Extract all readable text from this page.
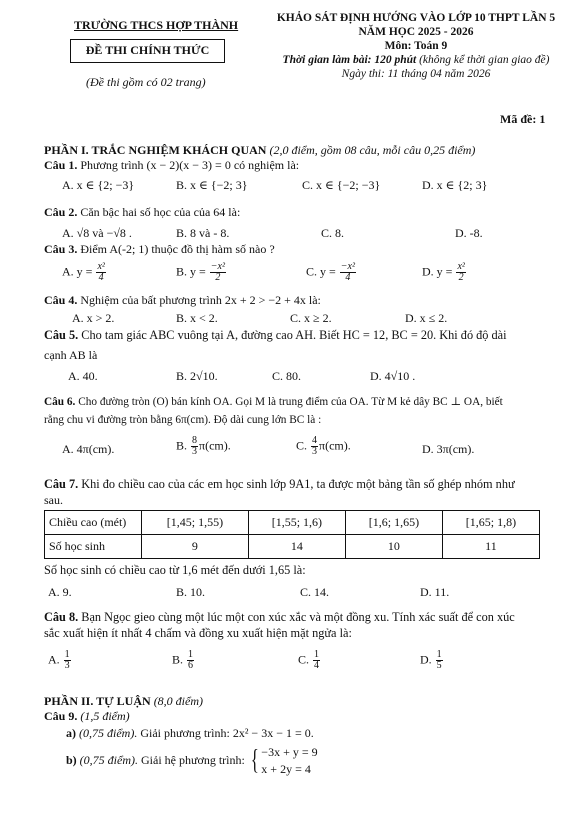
TRƯỜNG THCS HỢP THÀNH
ĐỀ THI CHÍNH THỨC
(Đề thi gồm có 02 trang)
KHẢO SÁT ĐỊNH HƯỚNG VÀO LỚP 10 THPT LẦN 5
NĂM HỌC 2025 - 2026
Môn: Toán 9
Thời gian làm bài: 120 phút (không kể thời gian giao đề)
Ngày thi: 11 tháng 04 năm 2026
Mã đề: 1
PHẦN I. TRẮC NGHIỆM KHÁCH QUAN (2,0 điểm, gồm 08 câu, mỗi câu 0,25 điểm)
Câu 1. Phương trình (x − 2)(x − 3) = 0 có nghiệm là:
A. x ∈ {2; −3}	B. x ∈ {−2; 3}	C. x ∈ {−2; −3}	D. x ∈ {2; 3}
Câu 2. Căn bậc hai số học của của 64 là:
A. √8 và −√8 .	B. 8 và - 8.	C. 8.	D. -8.
Câu 3. Điểm A(-2; 1) thuộc đồ thị hàm số nào ?
A. $y = \frac{\text{x²}}{4}$	B. $y = \frac{\text{−x²}}{2}$	C. $y = \frac{\text{−x²}}{4}$	D. $y = \frac{\text{x²}}{2}$
Câu 4. Nghiệm của bất phương trình 2x + 2 > −2 + 4x là:
A. x > 2.	B. x < 2.	C. x ≥ 2.	D. x ≤ 2.
Câu 5. Cho tam giác ABC vuông tại A, đường cao AH. Biết HC = 12, BC = 20. Khi đó độ dài
cạnh AB là
A. 40.	B. 2√10.	C. 80.	D. 4√10 .
Câu 6. Cho đường tròn (O) bán kính OA. Gọi M là trung điểm của OA. Từ M kẻ dây BC ⊥ OA, biết
rằng chu vi đường tròn bằng 6π(cm). Độ dài cung lớn BC là :
A. 4π(cm).	B. $\frac{8}{3} \pi(cm)$.	C. $\frac{4}{3} \pi(cm)$.	D. 3π(cm).
Câu 7. Khi đo chiều cao của các em học sinh lớp 9A1, ta được một bảng tần số ghép nhóm như
sau.
Chiều cao (mét)	[1,45; 1,55)	[1,55; 1,6)	[1,6; 1,65)	[1,65; 1,8)
Số học sinh	9	14	10	11
Số học sinh có chiều cao từ 1,6 mét đến dưới 1,65 là:
A. 9.	B. 10.	C. 14.	D. 11.
Câu 8. Bạn Ngọc gieo cùng một lúc một con xúc xắc và một đồng xu. Tính xác suất để con xúc
sắc xuất hiện ít nhất 4 chấm và đồng xu xuất hiện mặt ngửa là:
A. $\frac{1}{3}$	B. $\frac{1}{6}$	C. $\frac{1}{4}$	D. $\frac{1}{5}$
PHẦN II. TỰ LUẬN (8,0 điểm)
Câu 9. (1,5 điểm)
a) (0,75 điểm). Giải phương trình: 2x² − 3x − 1 = 0.
b) (0,75 điểm). Giải hệ phương trình: { −3x + y = 9
x + 2y = 4
